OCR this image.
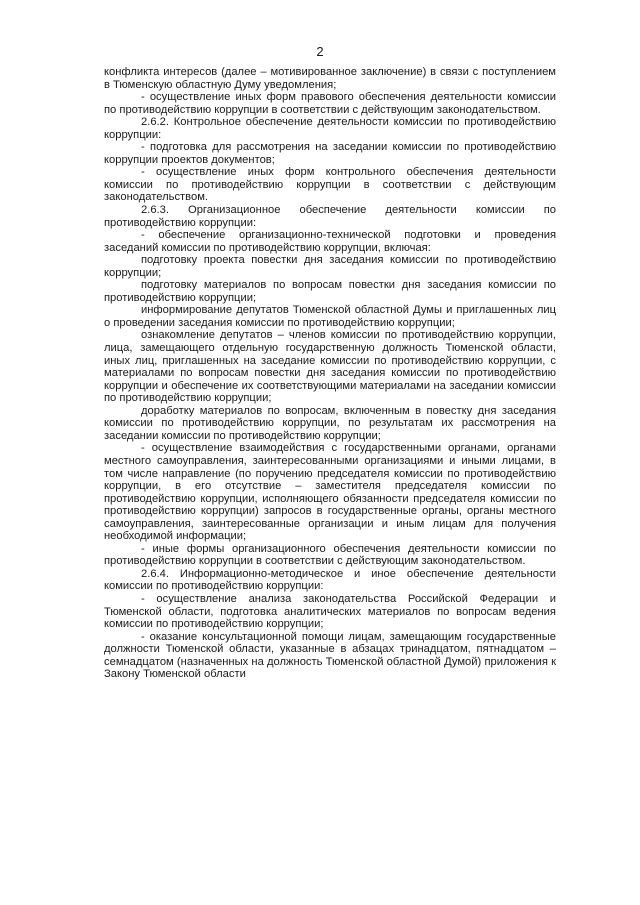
2

конфликта интересов (далее – мотивированное заключение) в связи с поступлением в Тюменскую областную Думу уведомления;

- осуществление иных форм правового обеспечения деятельности комиссии по противодействию коррупции в соответствии с действующим законодательством.

2.6.2. Контрольное обеспечение деятельности комиссии по противодействию коррупции:

- подготовка для рассмотрения на заседании комиссии по противодействию коррупции проектов документов;

- осуществление иных форм контрольного обеспечения деятельности комиссии по противодействию коррупции в соответствии с действующим законодательством.

2.6.3. Организационное обеспечение деятельности комиссии по противодействию коррупции:

- обеспечение организационно-технической подготовки и проведения заседаний комиссии по противодействию коррупции, включая:

подготовку проекта повестки дня заседания комиссии по противодействию коррупции;

подготовку материалов по вопросам повестки дня заседания комиссии по противодействию коррупции;

информирование депутатов Тюменской областной Думы и приглашенных лиц о проведении заседания комиссии по противодействию коррупции;

ознакомление депутатов – членов комиссии по противодействию коррупции, лица, замещающего отдельную государственную должность Тюменской области, иных лиц, приглашенных на заседание комиссии по противодействию коррупции, с материалами по вопросам повестки дня заседания комиссии по противодействию коррупции и обеспечение их соответствующими материалами на заседании комиссии по противодействию коррупции;

доработку материалов по вопросам, включенным в повестку дня заседания комиссии по противодействию коррупции, по результатам их рассмотрения на заседании комиссии по противодействию коррупции;

- осуществление взаимодействия с государственными органами, органами местного самоуправления, заинтересованными организациями и иными лицами, в том числе направление (по поручению председателя комиссии по противодействию коррупции, в его отсутствие – заместителя председателя комиссии по противодействию коррупции, исполняющего обязанности председателя комиссии по противодействию коррупции) запросов в государственные органы, органы местного самоуправления, заинтересованные организации и иным лицам для получения необходимой информации;

- иные формы организационного обеспечения деятельности комиссии по противодействию коррупции в соответствии с действующим законодательством.

2.6.4. Информационно-методическое и иное обеспечение деятельности комиссии по противодействию коррупции:

- осуществление анализа законодательства Российской Федерации и Тюменской области, подготовка аналитических материалов по вопросам ведения комиссии по противодействию коррупции;

- оказание консультационной помощи лицам, замещающим государственные должности Тюменской области, указанные в абзацах тринадцатом, пятнадцатом – семнадцатом (назначенных на должность Тюменской областной Думой) приложения к Закону Тюменской области
